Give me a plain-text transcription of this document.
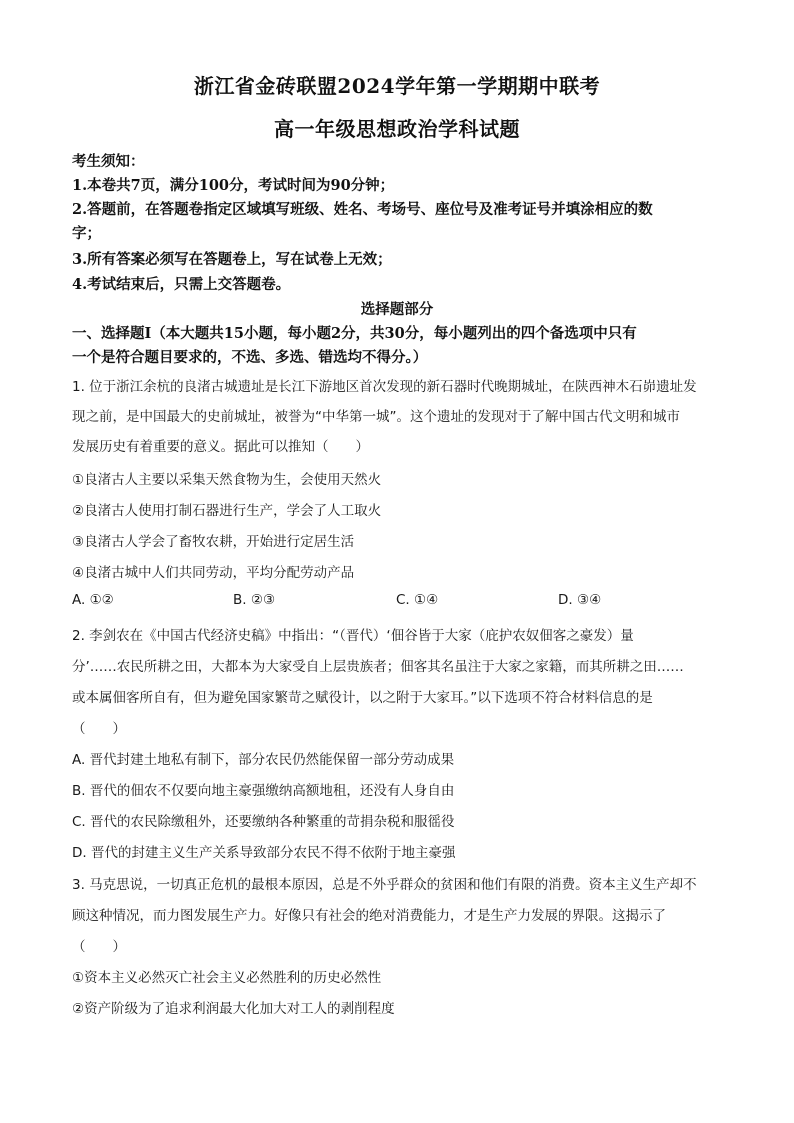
浙江省金砖联盟2024学年第一学期期中联考
高一年级思想政治学科试题
考生须知：
1.本卷共7页，满分100分，考试时间为90分钟；
2.答题前，在答题卷指定区域填写班级、姓名、考场号、座位号及准考证号并填涂相应的数
字；
3.所有答案必须写在答题卷上，写在试卷上无效；
4.考试结束后，只需上交答题卷。
选择题部分
一、选择题Ⅰ（本大题共15小题，每小题2分，共30分，每小题列出的四个备选项中只有
一个是符合题目要求的，不选、多选、错选均不得分。）
1. 位于浙江余杭的良渚古城遗址是长江下游地区首次发现的新石器时代晚期城址，在陕西神木石峁遗址发
现之前，是中国最大的史前城址，被誉为“中华第一城”。这个遗址的发现对于了解中国古代文明和城市
发展历史有着重要的意义。据此可以推知（　　）
①良渚古人主要以采集天然食物为生，会使用天然火
②良渚古人使用打制石器进行生产，学会了人工取火
③良渚古人学会了畜牧农耕，开始进行定居生活
④良渚古城中人们共同劳动，平均分配劳动产品
A. ①②	B. ②③	C. ①④	D. ③④
2. 李剑农在《中国古代经济史稿》中指出：“（晋代）‘佃谷皆于大家（庇护农奴佃客之豪发）量
分’……农民所耕之田，大都本为大家受自上层贵族者；佃客其名虽注于大家之家籍，而其所耕之田……
或本属佃客所自有，但为避免国家繁苛之赋役计，以之附于大家耳。”以下选项不符合材料信息的是
（　　）
A. 晋代封建土地私有制下，部分农民仍然能保留一部分劳动成果
B. 晋代的佃农不仅要向地主豪强缴纳高额地租，还没有人身自由
C. 晋代的农民除缴租外，还要缴纳各种繁重的苛捐杂税和服徭役
D. 晋代的封建主义生产关系导致部分农民不得不依附于地主豪强
3. 马克思说，一切真正危机的最根本原因，总是不外乎群众的贫困和他们有限的消费。资本主义生产却不
顾这种情况，而力图发展生产力。好像只有社会的绝对消费能力，才是生产力发展的界限。这揭示了
（　　）
①资本主义必然灭亡社会主义必然胜利的历史必然性
②资产阶级为了追求利润最大化加大对工人的剥削程度
